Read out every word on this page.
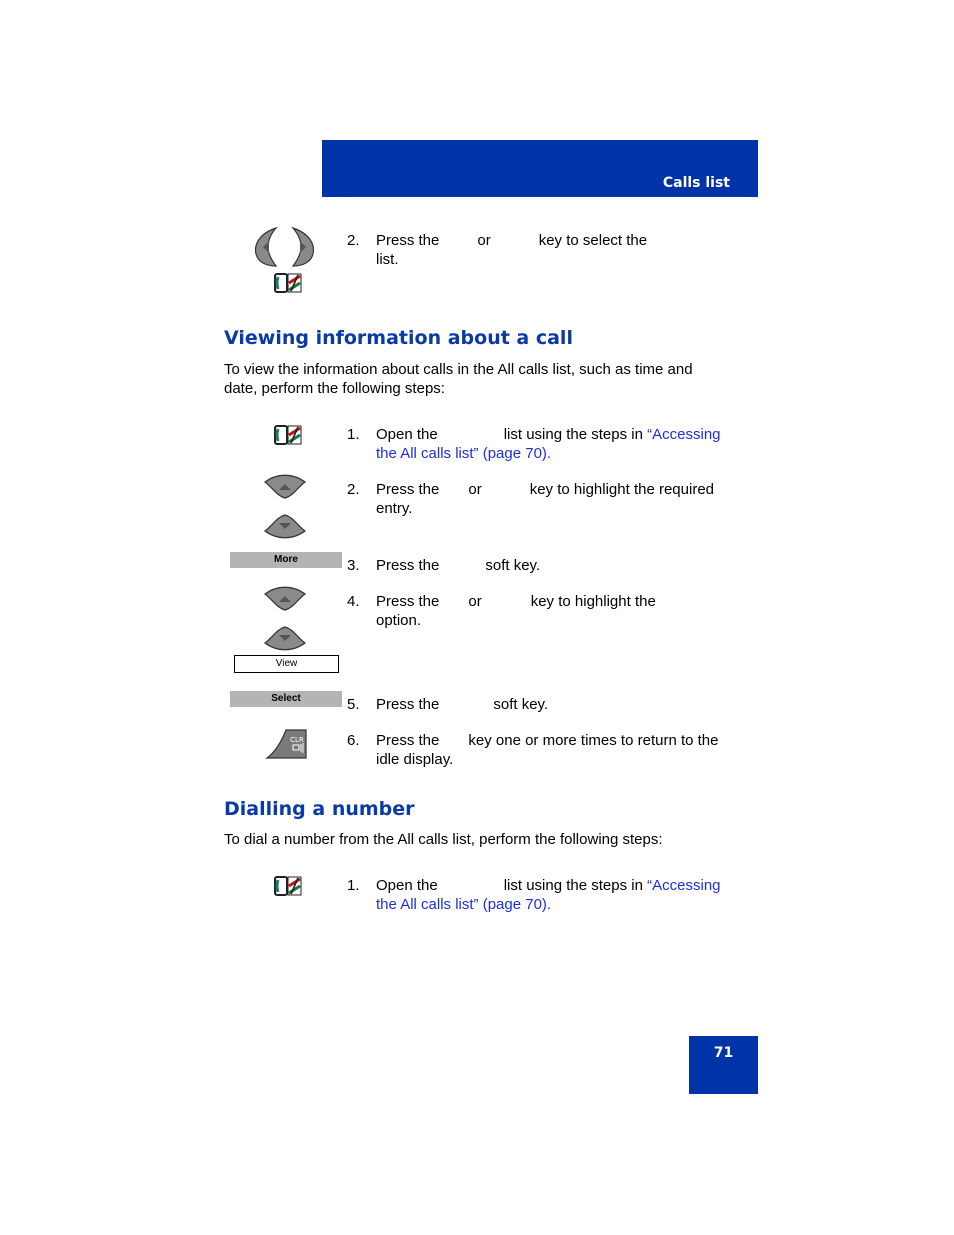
Calls list
2. Press the	or	key to select the
list.
Viewing information about a call
To view the information about calls in the All calls list, such as time and date, perform the following steps:
1. Open the	list using the steps in “Accessing the All calls list” (page 70).
2. Press the or	key to highlight the required
entry.
More	3. Press the	soft key.
View
4. Press the or	key to highlight the
option.
Select	5. Press the	soft key.
CLR	6. Press the key one or more times to return to the
idle display.
Dialling a number
To dial a number from the All calls list, perform the following steps:
1. Open the	list using the steps in “Accessing the All calls list” (page 70).
71
